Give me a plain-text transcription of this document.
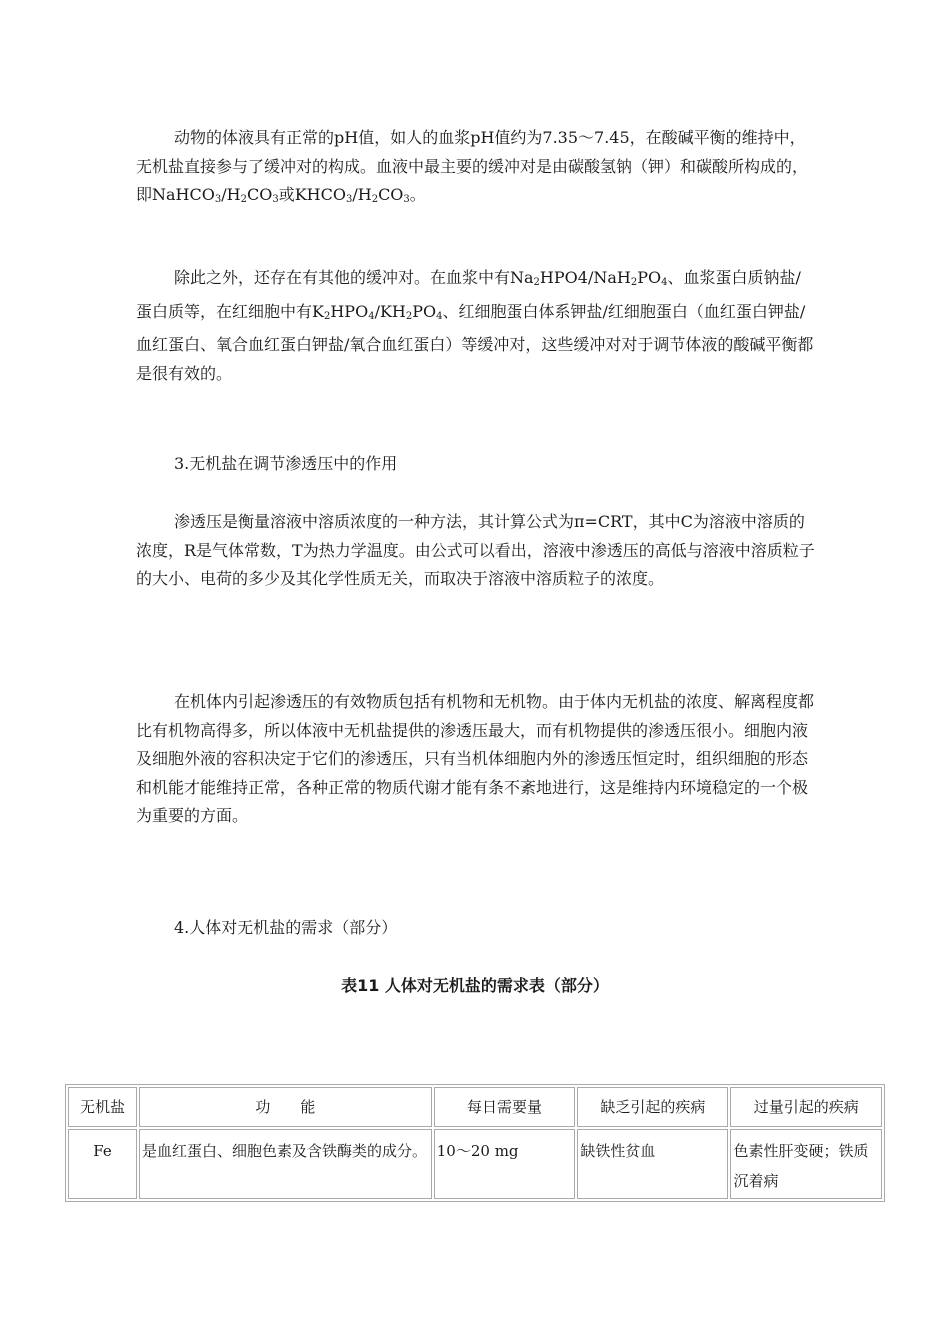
动物的体液具有正常的pH值，如人的血浆pH值约为7.35～7.45，在酸碱平衡的维持中，无机盐直接参与了缓冲对的构成。血液中最主要的缓冲对是由碳酸氢钠（钾）和碳酸所构成的，即$NaHCO_3/H_2CO_3$或$KHCO_3/H_2CO_3$。

除此之外，还存在有其他的缓冲对。在血浆中有$Na_2HPO4/NaH_2PO_4$、血浆蛋白质钠盐/蛋白质等，在红细胞中有$K_2HPO_4/KH_2PO_4$、红细胞蛋白体系钾盐/红细胞蛋白（血红蛋白钾盐/血红蛋白、氧合血红蛋白钾盐/氧合血红蛋白）等缓冲对，这些缓冲对对于调节体液的酸碱平衡都是很有效的。

3.无机盐在调节渗透压中的作用

渗透压是衡量溶液中溶质浓度的一种方法，其计算公式为π=CRT，其中C为溶液中溶质的浓度，R是气体常数，T为热力学温度。由公式可以看出，溶液中渗透压的高低与溶液中溶质粒子的大小、电荷的多少及其化学性质无关，而取决于溶液中溶质粒子的浓度。

在机体内引起渗透压的有效物质包括有机物和无机物。由于体内无机盐的浓度、解离程度都比有机物高得多，所以体液中无机盐提供的渗透压最大，而有机物提供的渗透压很小。细胞内液及细胞外液的容积决定于它们的渗透压，只有当机体细胞内外的渗透压恒定时，组织细胞的形态和机能才能维持正常，各种正常的物质代谢才能有条不紊地进行，这是维持内环境稳定的一个极为重要的方面。

4.人体对无机盐的需求（部分）

表11 人体对无机盐的需求表（部分）

无机盐	功　　能	每日需要量	缺乏引起的疾病	过量引起的疾病
Fe	是血红蛋白、细胞色素及含铁酶类的成分。	10～20 mg	缺铁性贫血	色素性肝变硬；铁质沉着病
